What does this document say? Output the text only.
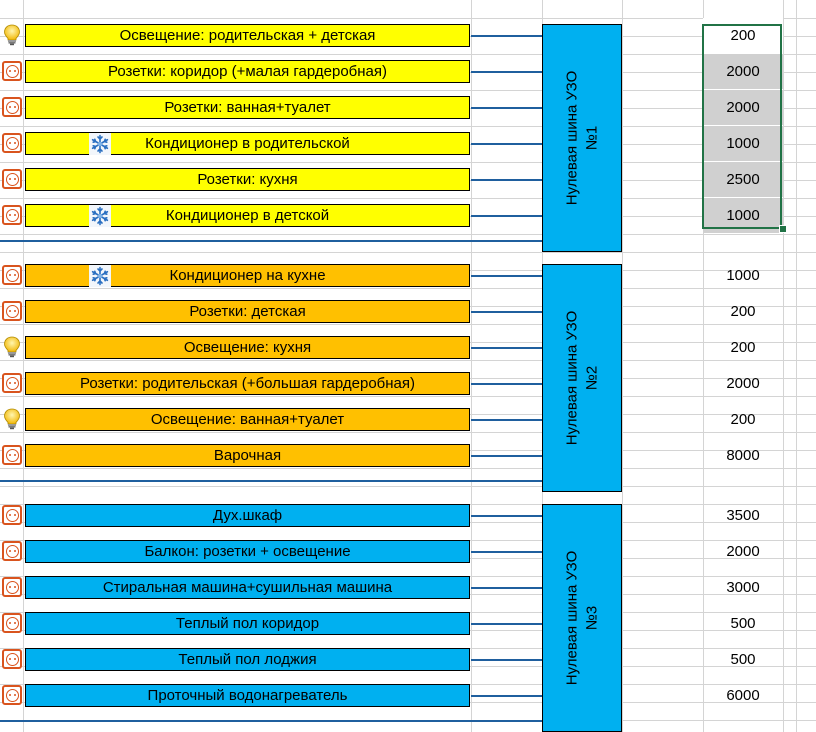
Освещение: родительская + детская	200
Розетки: коридор (+малая гардеробная)	2000
Розетки: ванная+туалет	2000
Кондиционер в родительской	1000
Розетки: кухня	2500
Кондиционер в детской	1000
Нулевая шина УЗО №1
Кондиционер на кухне	1000
Розетки: детская	200
Освещение: кухня	200
Розетки: родительская (+большая гардеробная)	2000
Освещение: ванная+туалет	200
Варочная	8000
Нулевая шина УЗО №2
Дух.шкаф	3500
Балкон: розетки + освещение	2000
Стиральная машина+сушильная машина	3000
Теплый пол коридор	500
Теплый пол лоджия	500
Проточный водонагреватель	6000
Нулевая шина УЗО №3
